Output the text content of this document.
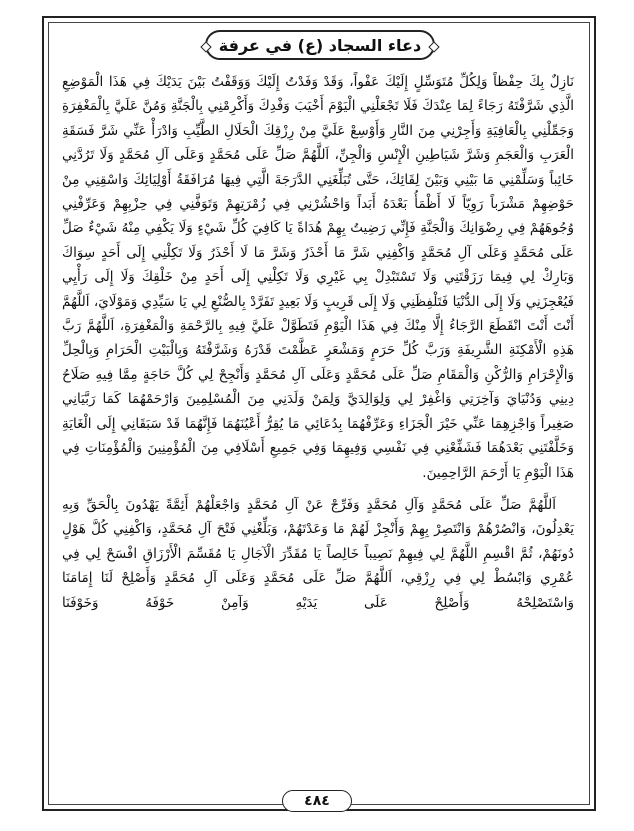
دعاء السجاد (ع) في عرفة

نَازِلٌ بِكَ حِفْظاً وَلِكُلِّ مُتَوَسِّلٍ إِلَيْكَ عَفْواً، وَقَدْ وَفَدْتُ إِلَيْكَ وَوَقَفْتُ بَيْنَ يَدَيْكَ فِي هَذَا الْمَوْضِعِ الَّذِي شَرَّفْتَهُ رَجَاءً لِمَا عِنْدَكَ فَلَا تَجْعَلْنِي الْيَوْمَ أَخْيَبَ وَفْدِكَ وَأَكْرِمْنِي بِالْجَنَّةِ وَمُنَّ عَلَيَّ بِالْمَغْفِرَةِ وَجَمِّلْنِي بِالْعَافِيَةِ وَأَجِرْنِي مِنَ النَّارِ وَأَوْسِعْ عَلَيَّ مِنْ رِزْقِكَ الْحَلَالِ الطَّيِّبِ وَادْرَأْ عَنِّي شَرَّ فَسَقَةِ الْعَرَبِ وَالْعَجَمِ وَشَرَّ شَيَاطِينِ الْإِنْسِ وَالْجِنِّ، اَللَّهُمَّ صَلِّ عَلَى مُحَمَّدٍ وَعَلَى آلِ مُحَمَّدٍ وَلَا تَرُدَّنِي خَائِباً وَسَلِّمْنِي مَا بَيْنِي وَبَيْنَ لِقَائِكَ، حَتَّى تُبَلِّغَنِي الدَّرَجَةَ الَّتِي فِيهَا مُرَافَقَةُ أَوْلِيَائِكَ وَاسْقِنِي مِنْ حَوْضِهِمْ مَشْرَباً رَوِيّاً لَا أَظْمَأُ بَعْدَهُ أَبَداً وَاحْشُرْنِي فِي زُمْرَتِهِمْ وَتَوَفَّنِي فِي حِزْبِهِمْ وَعَرِّفْنِي وُجُوهَهُمْ فِي رِضْوَانِكَ وَالْجَنَّةِ فَإِنِّي رَضِيتُ بِهِمْ هُدَاةً يَا كَافِيَ كُلِّ شَيْءٍ وَلَا يَكْفِي مِنْهُ شَيْءٌ صَلِّ عَلَى مُحَمَّدٍ وَعَلَى آلِ مُحَمَّدٍ وَاكْفِنِي شَرَّ مَا أَحْذَرُ وَشَرَّ مَا لَا أَحْذَرُ وَلَا تَكِلْنِي إِلَى أَحَدٍ سِوَاكَ وَبَارِكْ لِي فِيمَا رَزَقْتَنِي وَلَا تَسْتَبْدِلْ بِي غَيْرِي وَلَا تَكِلْنِي إِلَى أَحَدٍ مِنْ خَلْقِكَ وَلَا إِلَى رَأْيِي فَيُعْجِزَنِي وَلَا إِلَى الدُّنْيَا فَتَلْفِظَنِي وَلَا إِلَى قَرِيبٍ وَلَا بَعِيدٍ تَفَرَّدْ بِالصُّنْعِ لِي يَا سَيِّدِي وَمَوْلَايَ، اَللَّهُمَّ أَنْتَ أَنْتَ انْقَطَعَ الرَّجَاءُ إِلَّا مِنْكَ فِي هَذَا الْيَوْمِ فَتَطَوَّلْ عَلَيَّ فِيهِ بِالرَّحْمَةِ وَالْمَغْفِرَةِ، اَللَّهُمَّ رَبَّ هَذِهِ الْأَمْكِنَةِ الشَّرِيفَةِ وَرَبَّ كُلِّ حَرَمٍ وَمَشْعَرٍ عَظَّمْتَ قَدْرَهُ وَشَرَّفْتَهُ وَبِالْبَيْتِ الْحَرَامِ وَبِالْحِلِّ وَالْإِحْرَامِ وَالرُّكْنِ وَالْمَقَامِ صَلِّ عَلَى مُحَمَّدٍ وَعَلَى آلِ مُحَمَّدٍ وَأَنْجِحْ لِي كُلَّ حَاجَةٍ مِمَّا فِيهِ صَلَاحُ دِينِي وَدُنْيَايَ وَآخِرَتِي وَاغْفِرْ لِي وَلِوَالِدَيَّ وَلِمَنْ وَلَدَنِي مِنَ الْمُسْلِمِينَ وَارْحَمْهُمَا كَمَا رَبَّيَانِي صَغِيراً وَاجْزِهِمَا عَنِّي خَيْرَ الْجَزَاءِ وَعَرِّفْهُمَا بِدُعَائِي مَا يُقِرُّ أَعْيُنَهُمَا فَإِنَّهُمَا قَدْ سَبَقَانِي إِلَى الْغَايَةِ وَخَلَّفْتَنِي بَعْدَهُمَا فَشَفِّعْنِي فِي نَفْسِي وَفِيهِمَا وَفِي جَمِيعِ أَسْلَافِي مِنَ الْمُؤْمِنِينَ وَالْمُؤْمِنَاتِ فِي هَذَا الْيَوْمِ يَا أَرْحَمَ الرَّاحِمِينَ.

اَللَّهُمَّ صَلِّ عَلَى مُحَمَّدٍ وَآلِ مُحَمَّدٍ وَفَرِّجْ عَنْ آلِ مُحَمَّدٍ وَاجْعَلْهُمْ أَئِمَّةً يَهْدُونَ بِالْحَقِّ وَبِهِ يَعْدِلُونَ، وَانْصُرْهُمْ وَانْتَصِرْ بِهِمْ وَأَنْجِزْ لَهُمْ مَا وَعَدْتَهُمْ، وَبَلِّغْنِي فَتْحَ آلِ مُحَمَّدٍ، وَاكْفِنِي كُلَّ هَوْلٍ دُونَهُمْ، ثُمَّ اقْسِمِ اللَّهُمَّ لِي فِيهِمْ نَصِيباً خَالِصاً يَا مُقَدِّرَ الْآجَالِ يَا مُقَسِّمَ الْأَرْزَاقِ افْسَحْ لِي فِي عُمْرِي وَابْسُطْ لِي فِي رِزْقِي، اَللَّهُمَّ صَلِّ عَلَى مُحَمَّدٍ وَعَلَى آلِ مُحَمَّدٍ وَأَصْلِحْ لَنَا إِمَامَنَا وَاسْتَصْلِحْهُ وَأَصْلِحْ عَلَى يَدَيْهِ وَآمِنْ خَوْفَهُ وَخَوْفَنَا

٤٨٤
